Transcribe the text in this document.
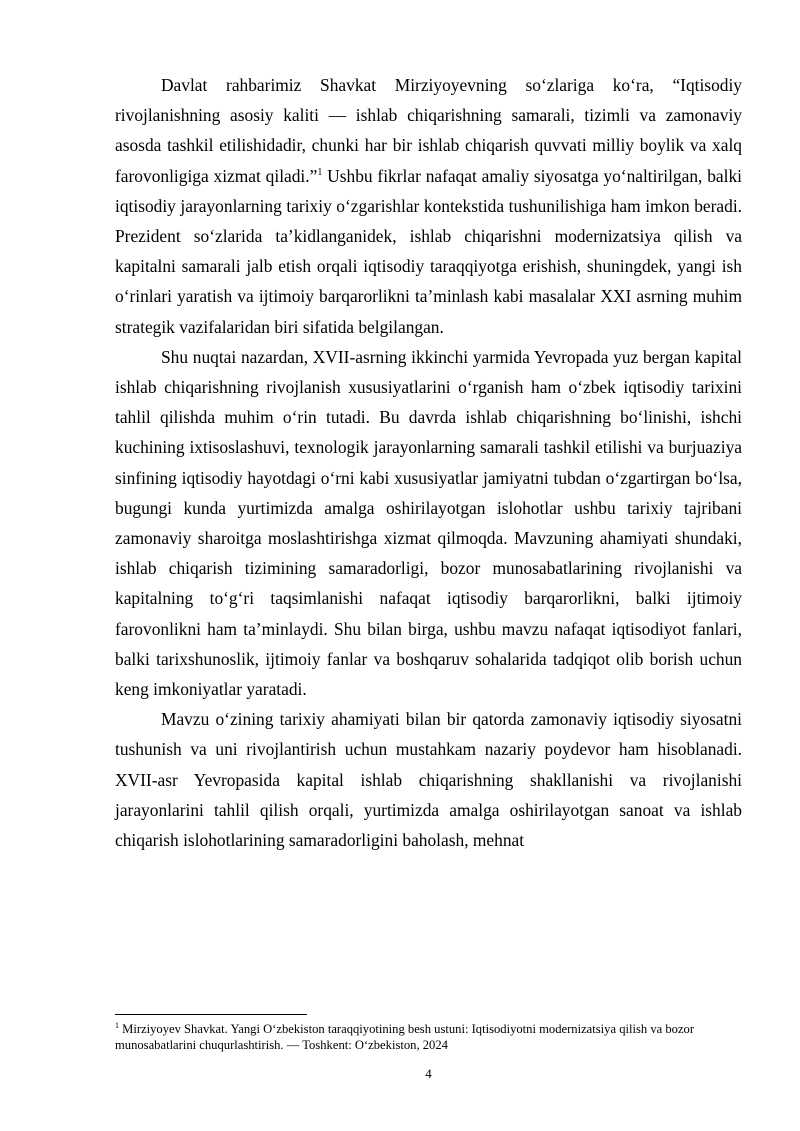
Davlat rahbarimiz Shavkat Mirziyoyevning soʻzlariga koʻra, “Iqtisodiy rivojlanishning asosiy kaliti — ishlab chiqarishning samarali, tizimli va zamonaviy asosda tashkil etilishidadir, chunki har bir ishlab chiqarish quvvati milliy boylik va xalq farovonligiga xizmat qiladi.”$^1$ Ushbu fikrlar nafaqat amaliy siyosatga yoʻnaltirilgan, balki iqtisodiy jarayonlarning tarixiy oʻzgarishlar kontekstida tushunilishiga ham imkon beradi. Prezident soʻzlarida taʼkidlanganidek, ishlab chiqarishni modernizatsiya qilish va kapitalni samarali jalb etish orqali iqtisodiy taraqqiyotga erishish, shuningdek, yangi ish oʻrinlari yaratish va ijtimoiy barqarorlikni taʼminlash kabi masalalar XXI asrning muhim strategik vazifalaridan biri sifatida belgilangan.

Shu nuqtai nazardan, XVII-asrning ikkinchi yarmida Yevropada yuz bergan kapital ishlab chiqarishning rivojlanish xususiyatlarini oʻrganish ham oʻzbek iqtisodiy tarixini tahlil qilishda muhim oʻrin tutadi. Bu davrda ishlab chiqarishning boʻlinishi, ishchi kuchining ixtisoslashuvi, texnologik jarayonlarning samarali tashkil etilishi va burjuaziya sinfining iqtisodiy hayotdagi oʻrni kabi xususiyatlar jamiyatni tubdan oʻzgartirgan boʻlsa, bugungi kunda yurtimizda amalga oshirilayotgan islohotlar ushbu tarixiy tajribani zamonaviy sharoitga moslashtirishga xizmat qilmoqda. Mavzuning ahamiyati shundaki, ishlab chiqarish tizimining samaradorligi, bozor munosabatlarining rivojlanishi va kapitalning toʻgʻri taqsimlanishi nafaqat iqtisodiy barqarorlikni, balki ijtimoiy farovonlikni ham taʼminlaydi. Shu bilan birga, ushbu mavzu nafaqat iqtisodiyot fanlari, balki tarixshunoslik, ijtimoiy fanlar va boshqaruv sohalarida tadqiqot olib borish uchun keng imkoniyatlar yaratadi.

Mavzu oʻzining tarixiy ahamiyati bilan bir qatorda zamonaviy iqtisodiy siyosatni tushunish va uni rivojlantirish uchun mustahkam nazariy poydevor ham hisoblanadi. XVII-asr Yevropasida kapital ishlab chiqarishning shakllanishi va rivojlanishi jarayonlarini tahlil qilish orqali, yurtimizda amalga oshirilayotgan sanoat va ishlab chiqarish islohotlarining samaradorligini baholash, mehnat

$^1$ Mirziyoyev Shavkat. Yangi Oʻzbekiston taraqqiyotining besh ustuni: Iqtisodiyotni modernizatsiya qilish va bozor munosabatlarini chuqurlashtirish. — Toshkent: Oʻzbekiston, 2024
4
